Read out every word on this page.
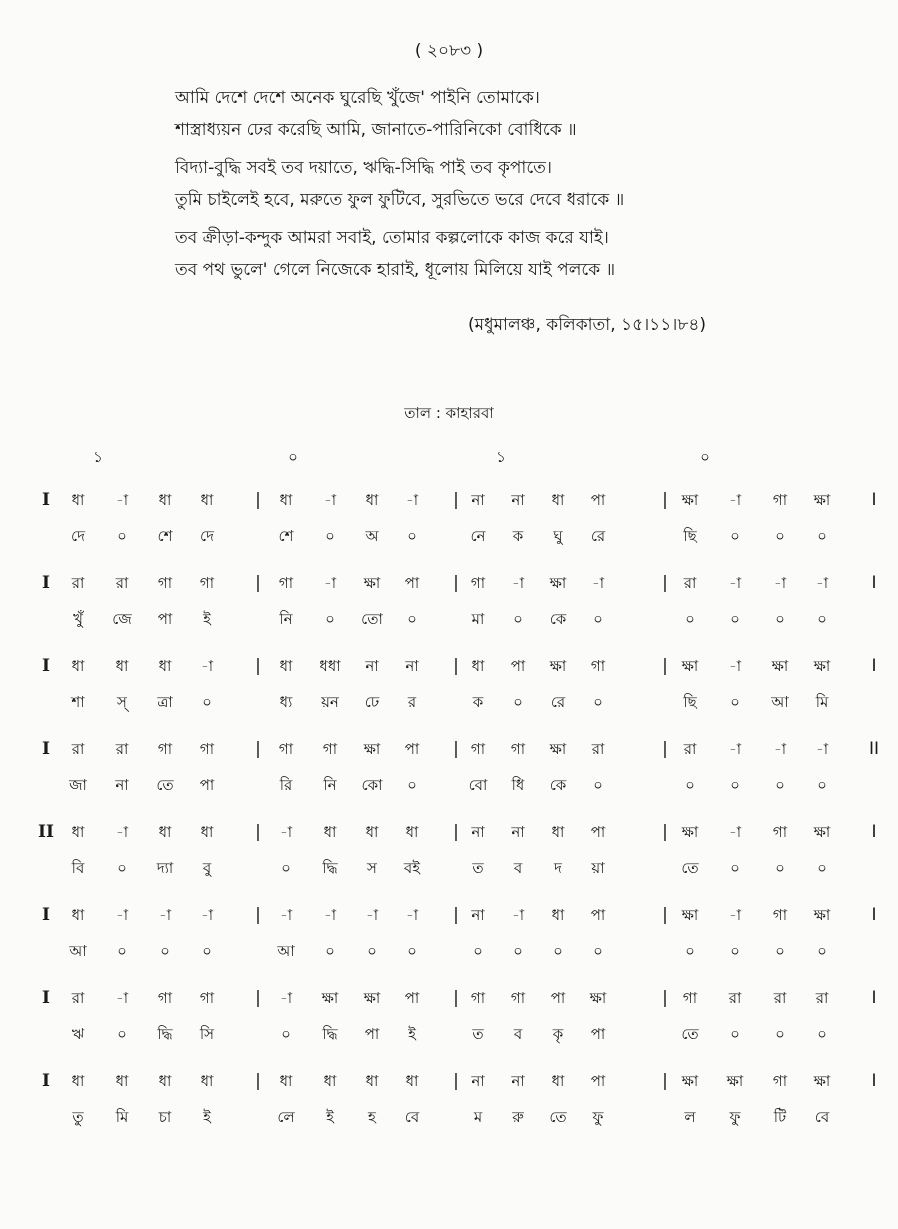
( ২০৮৩ )
আমি দেশে দেশে অনেক ঘুরেছি খুঁজে' পাইনি তোমাকে।
শাস্ত্রাধ্যয়ন ঢের করেছি আমি, জানাতে-পারিনিকো বোধিকে ॥
বিদ্যা-বুদ্ধি সবই তব দয়াতে, ঋদ্ধি-সিদ্ধি পাই তব কৃপাতে।
তুমি চাইলেই হবে, মরুতে ফুল ফুটিবে, সুরভিতে ভরে দেবে ধরাকে ॥
তব ক্রীড়া-কন্দুক আমরা সবাই, তোমার কল্পলোকে কাজ করে যাই।
তব পথ ভুলে' গেলে নিজেকে হারাই, ধূলোয় মিলিয়ে যাই পলকে ॥
(মধুমালঞ্চ, কলিকাতা, ১৫।১১।৮৪)
তাল : কাহারবা
১	০	১	০
I	|	|	|	I
ধা	-া	ধা	ধা	ধা	-া	ধা	-া	না	না	ধা	পা	ক্ষা	-া	গা	ক্ষা
দে	০	শে	দে	শে	০	অ	০	নে	ক	ঘু	রে	ছি	০	০	০
I	|	|	|	I
রা	রা	গা	গা	গা	-া	ক্ষা	পা	গা	-া	ক্ষা	-া	রা	-া	-া	-া
খুঁ	জে	পা	ই	নি	০	তো	০	মা	০	কে	০	০	০	০	০
I	|	|	|	I
ধা	ধা	ধা	-া	ধা	ধধা	না	না	ধা	পা	ক্ষা	গা	ক্ষা	-া	ক্ষা	ক্ষা
শা	স্	ত্রা	০	ধ্য	য়ন	ঢে	র	ক	০	রে	০	ছি	০	আ	মি
I	|	|	|	II
রা	রা	গা	গা	গা	গা	ক্ষা	পা	গা	গা	ক্ষা	রা	রা	-া	-া	-া
জা	না	তে	পা	রি	নি	কো	০	বো	ধি	কে	০	০	০	০	০
II	|	|	|	I
ধা	-া	ধা	ধা	-া	ধা	ধা	ধা	না	না	ধা	পা	ক্ষা	-া	গা	ক্ষা
বি	০	দ্যা	বু	০	দ্ধি	স	বই	ত	ব	দ	য়া	তে	০	০	০
I	|	|	|	I
ধা	-া	-া	-া	-া	-া	-া	-া	না	-া	ধা	পা	ক্ষা	-া	গা	ক্ষা
আ	০	০	০	আ	০	০	০	০	০	০	০	০	০	০	০
I	|	|	|	I
রা	-া	গা	গা	-া	ক্ষা	ক্ষা	পা	গা	গা	পা	ক্ষা	গা	রা	রা	রা
ঋ	০	দ্ধি	সি	০	দ্ধি	পা	ই	ত	ব	কৃ	পা	তে	০	০	০
I	|	|	|	I
ধা	ধা	ধা	ধা	ধা	ধা	ধা	ধা	না	না	ধা	পা	ক্ষা	ক্ষা	গা	ক্ষা
তু	মি	চা	ই	লে	ই	হ	বে	ম	রু	তে	ফু	ল	ফু	টি	বে
